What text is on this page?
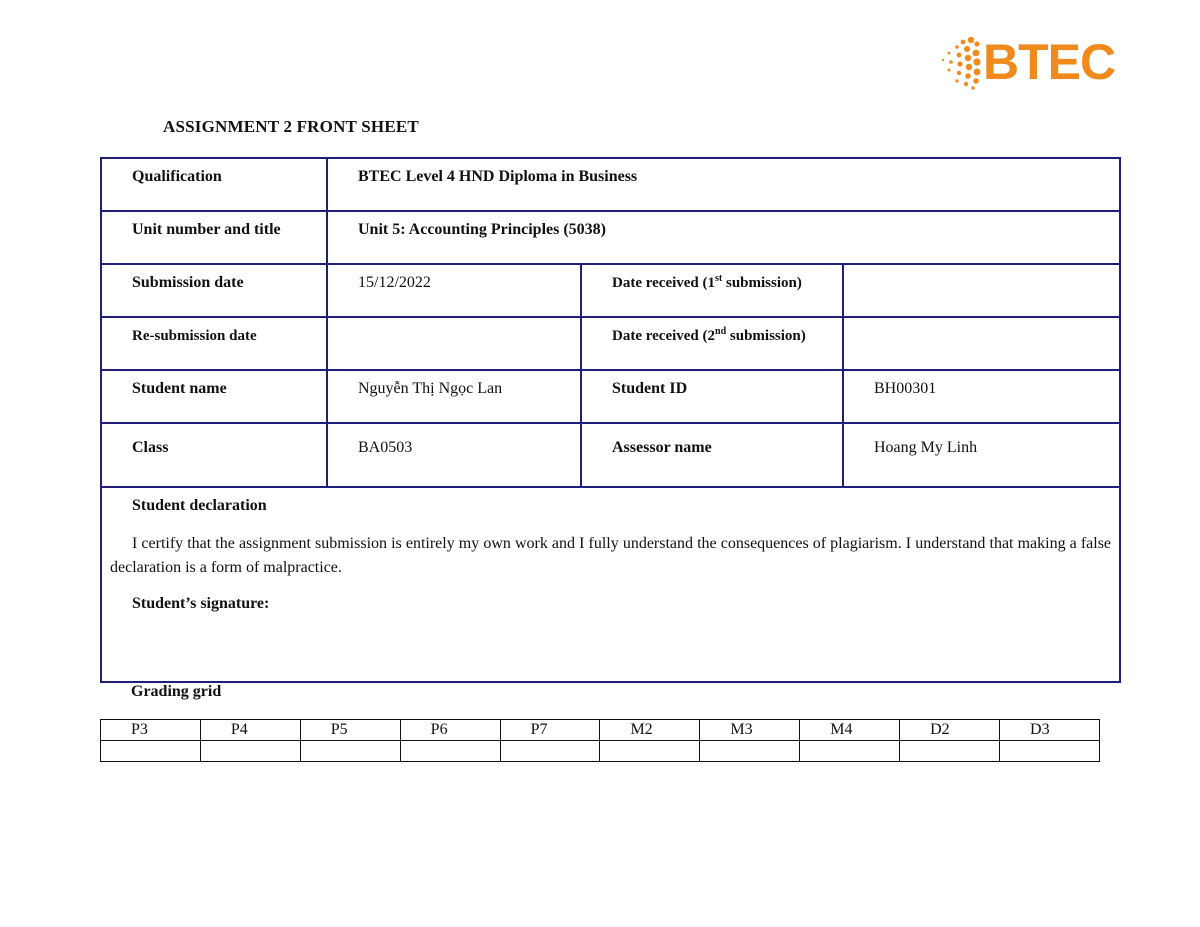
BTEC
ASSIGNMENT 2 FRONT SHEET
Qualification	BTEC Level 4 HND Diploma in Business		

Unit number and title	Unit 5: Accounting Principles (5038)		

Submission date	15/12/2022	Date received (1st submission)	

Re-submission date		Date received (2nd submission)	

Student name	Nguyễn Thị Ngọc Lan	Student ID	BH00301

Class	BA0503	Assessor name	Hoang My Linh

Student declaration
I certify that the assignment submission is entirely my own work and I fully understand the consequences of plagiarism. I understand that making a false declaration is a form of malpractice.
Student’s signature:			
Grading grid
P3	P4	P5	P6	P7	M2	M3	M4	D2	D3
